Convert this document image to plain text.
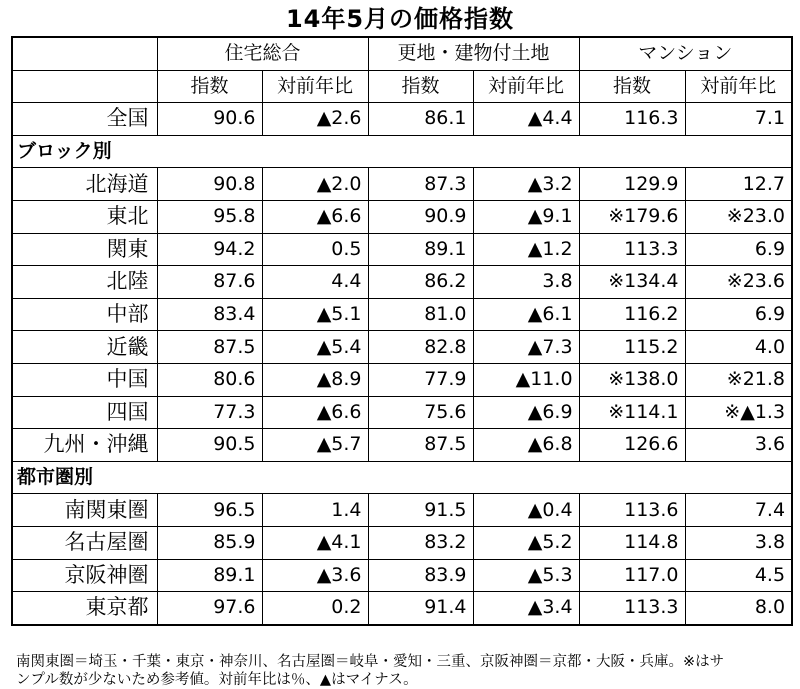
14年5月の価格指数
	住宅総合		更地・建物付土地		マンション	
	指数	対前年比	指数	対前年比	指数	対前年比
全国	90.6	▲2.6	86.1	▲4.4	116.3	7.1
ブロック別						
北海道	90.8	▲2.0	87.3	▲3.2	129.9	12.7
東北	95.8	▲6.6	90.9	▲9.1	※179.6	※23.0
関東	94.2	0.5	89.1	▲1.2	113.3	6.9
北陸	87.6	4.4	86.2	3.8	※134.4	※23.6
中部	83.4	▲5.1	81.0	▲6.1	116.2	6.9
近畿	87.5	▲5.4	82.8	▲7.3	115.2	4.0
中国	80.6	▲8.9	77.9	▲11.0	※138.0	※21.8
四国	77.3	▲6.6	75.6	▲6.9	※114.1	※▲1.3
九州・沖縄	90.5	▲5.7	87.5	▲6.8	126.6	3.6
都市圏別						
南関東圏	96.5	1.4	91.5	▲0.4	113.6	7.4
名古屋圏	85.9	▲4.1	83.2	▲5.2	114.8	3.8
京阪神圏	89.1	▲3.6	83.9	▲5.3	117.0	4.5
東京都	97.6	0.2	91.4	▲3.4	113.3	8.0
南関東圏＝埼玉・千葉・東京・神奈川、名古屋圏＝岐阜・愛知・三重、京阪神圏＝京都・大阪・兵庫。※はサ
ンプル数が少ないため参考値。対前年比は％、▲はマイナス。
